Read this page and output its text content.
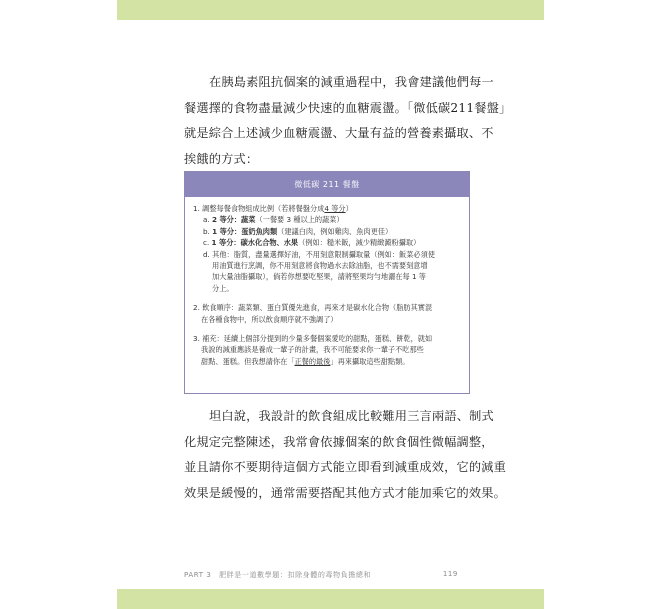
在胰島素阻抗個案的減重過程中，我會建議他們每一
餐選擇的食物盡量減少快速的血糖震盪。「微低碳211餐盤」
就是綜合上述減少血糖震盪、大量有益的營養素攝取、不
挨餓的方式：
微低碳 211 餐盤
1. 調整每餐食物組成比例（若將餐盤分成4 等分）
a. 2 等分：蔬菜（一餐要 3 種以上的蔬菜）
b. 1 等分：蛋奶魚肉類（建議白肉，例如雞肉、魚肉更佳）
c. 1 等分：碳水化合物、水果（例如：糙米飯，減少精緻澱粉攝取）
d. 其他：脂質，盡量選擇好油，不用刻意限制攝取量（例如：飯菜必須使
用油質進行烹調，你不用刻意將食物過水去除油脂，也不需要刻意增
加大量油脂攝取），倘若你想要吃堅果，請將堅果均勻地灑在每 1 等
分上。
2. 飲食順序：蔬菜類、蛋白質優先進食，再來才是碳水化合物（脂肪其實混
在各種食物中，所以飲食順序就不強調了）
3. 補充：延續上個部分提到的少量多餐個案愛吃的甜點，蛋糕、餅乾，就如
我說的減重應該是養成一輩子的計畫，我不可能要求你一輩子不吃那些
甜點、蛋糕。但我想請你在「正餐的最後」再來攝取這些甜點類。
坦白說，我設計的飲食組成比較難用三言兩語、制式
化規定完整陳述，我常會依據個案的飲食個性微幅調整，
並且請你不要期待這個方式能立即看到減重成效，它的減重
效果是緩慢的，通常需要搭配其他方式才能加乘它的效果。
PART 3　肥胖是一道數學題：扣除身體的毒物負擔總和	119
